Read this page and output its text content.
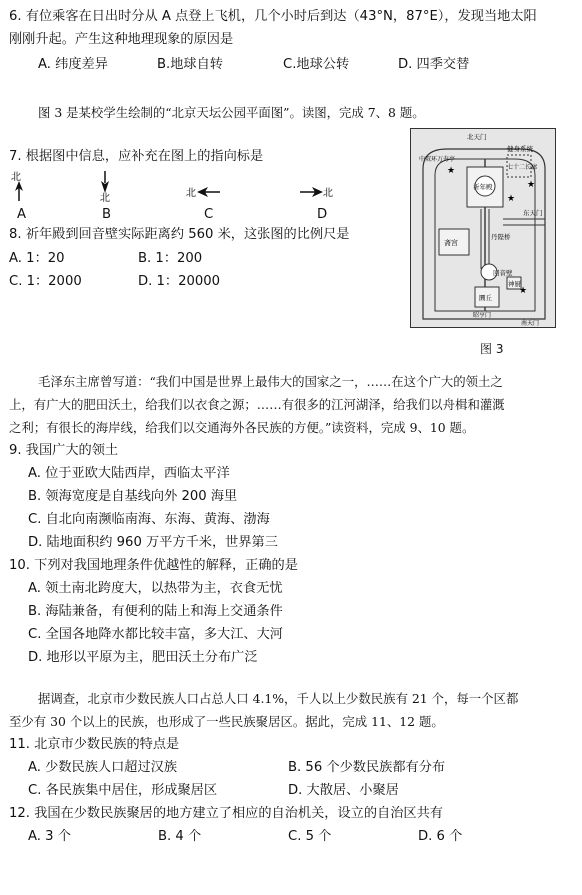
6. 有位乘客在日出时分从 A 点登上飞机，几个小时后到达（43°N，87°E），发现当地太阳
刚刚升起。产生这种地理现象的原因是
A. 纬度差异	B.地球自转	C.地球公转	D. 四季交替
图 3 是某校学生绘制的“北京天坛公园平面图”。读图，完成 7、8 题。
7. 根据图中信息，应补充在图上的指向标是
北
北	北	北
A	B	C	D
8. 祈年殿到回音壁实际距离约 560 米，这张图的比例尺是
A. 1：20	B. 1：200
C. 1：2000	D. 1：20000
★
★
★
★
北天门
健身系统
中双环万寿亭
祈年殿
七十二长廊
东天门
斋宫
丹陛桥
回音壁
神厨
圜丘
昭亨门
南天门
图 3
毛泽东主席曾写道：“我们中国是世界上最伟大的国家之一，……在这个广大的领土之
上，有广大的肥田沃土，给我们以衣食之源；……有很多的江河湖泽，给我们以舟楫和灌溉
之利；有很长的海岸线，给我们以交通海外各民族的方便。”读资料，完成 9、10 题。
9. 我国广大的领土
A. 位于亚欧大陆西岸，西临太平洋
B. 领海宽度是自基线向外 200 海里
C. 自北向南濒临南海、东海、黄海、渤海
D. 陆地面积约 960 万平方千米，世界第三
10. 下列对我国地理条件优越性的解释，正确的是
A. 领土南北跨度大，以热带为主，衣食无忧
B. 海陆兼备，有便利的陆上和海上交通条件
C. 全国各地降水都比较丰富，多大江、大河
D. 地形以平原为主，肥田沃土分布广泛
据调查，北京市少数民族人口占总人口 4.1%，千人以上少数民族有 21 个，每一个区都
至少有 30 个以上的民族，也形成了一些民族聚居区。据此，完成 11、12 题。
11. 北京市少数民族的特点是
A. 少数民族人口超过汉族	B. 56 个少数民族都有分布
C. 各民族集中居住，形成聚居区	D. 大散居、小聚居
12. 我国在少数民族聚居的地方建立了相应的自治机关，设立的自治区共有
A. 3 个	B. 4 个	C. 5 个	D. 6 个
